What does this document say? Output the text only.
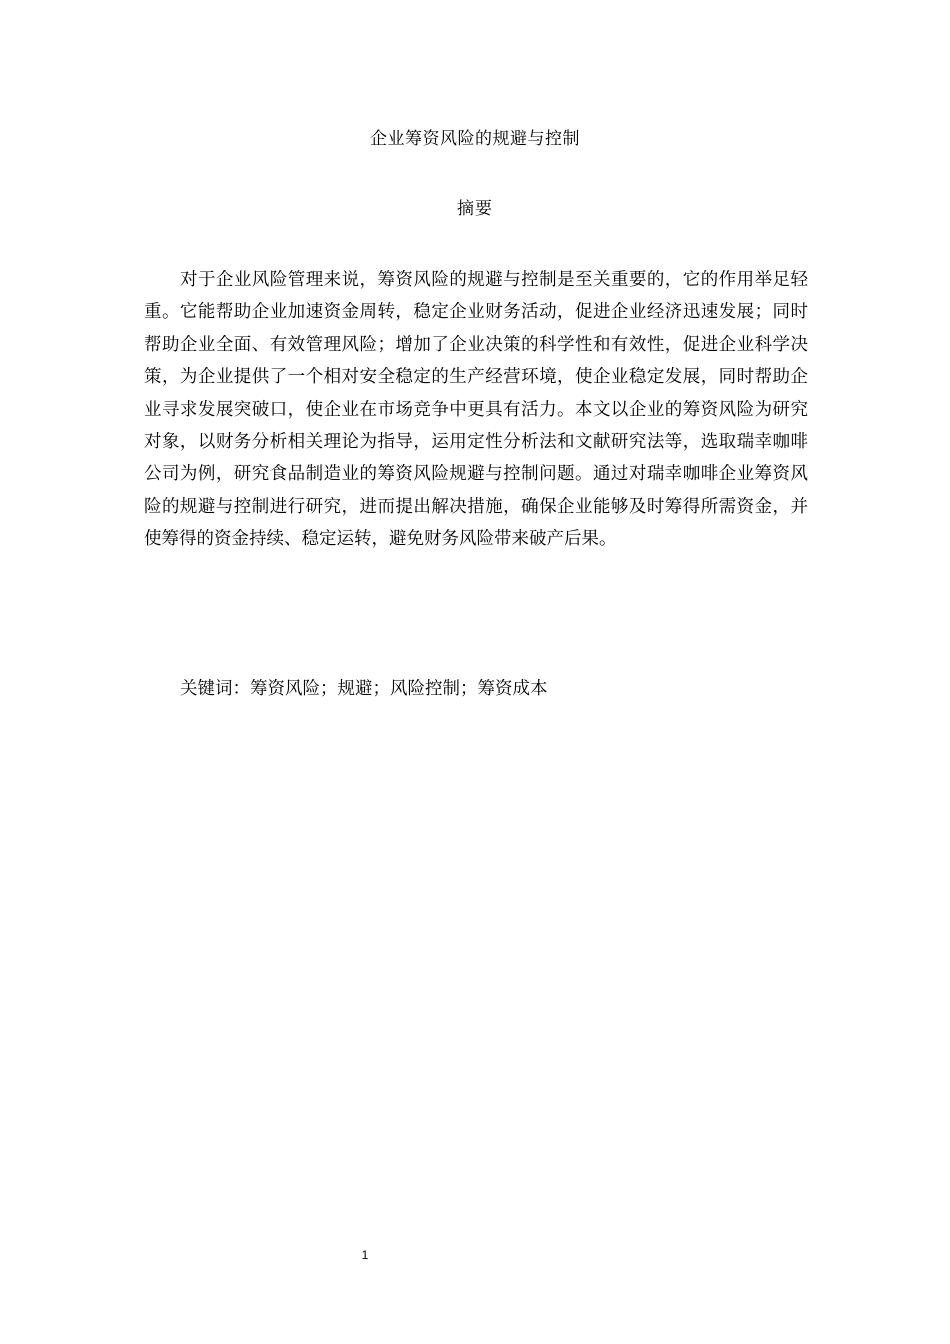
企业筹资风险的规避与控制
摘要

对于企业风险管理来说，筹资风险的规避与控制是至关重要的，它的作用举足轻重。它能帮助企业加速资金周转，稳定企业财务活动，促进企业经济迅速发展；同时帮助企业全面、有效管理风险；增加了企业决策的科学性和有效性，促进企业科学决策，为企业提供了一个相对安全稳定的生产经营环境，使企业稳定发展，同时帮助企业寻求发展突破口，使企业在市场竞争中更具有活力。本文以企业的筹资风险为研究对象，以财务分析相关理论为指导，运用定性分析法和文献研究法等，选取瑞幸咖啡公司为例，研究食品制造业的筹资风险规避与控制问题。通过对瑞幸咖啡企业筹资风险的规避与控制进行研究，进而提出解决措施，确保企业能够及时筹得所需资金，并使筹得的资金持续、稳定运转，避免财务风险带来破产后果。

关键词：筹资风险；规避；风险控制；筹资成本
1
